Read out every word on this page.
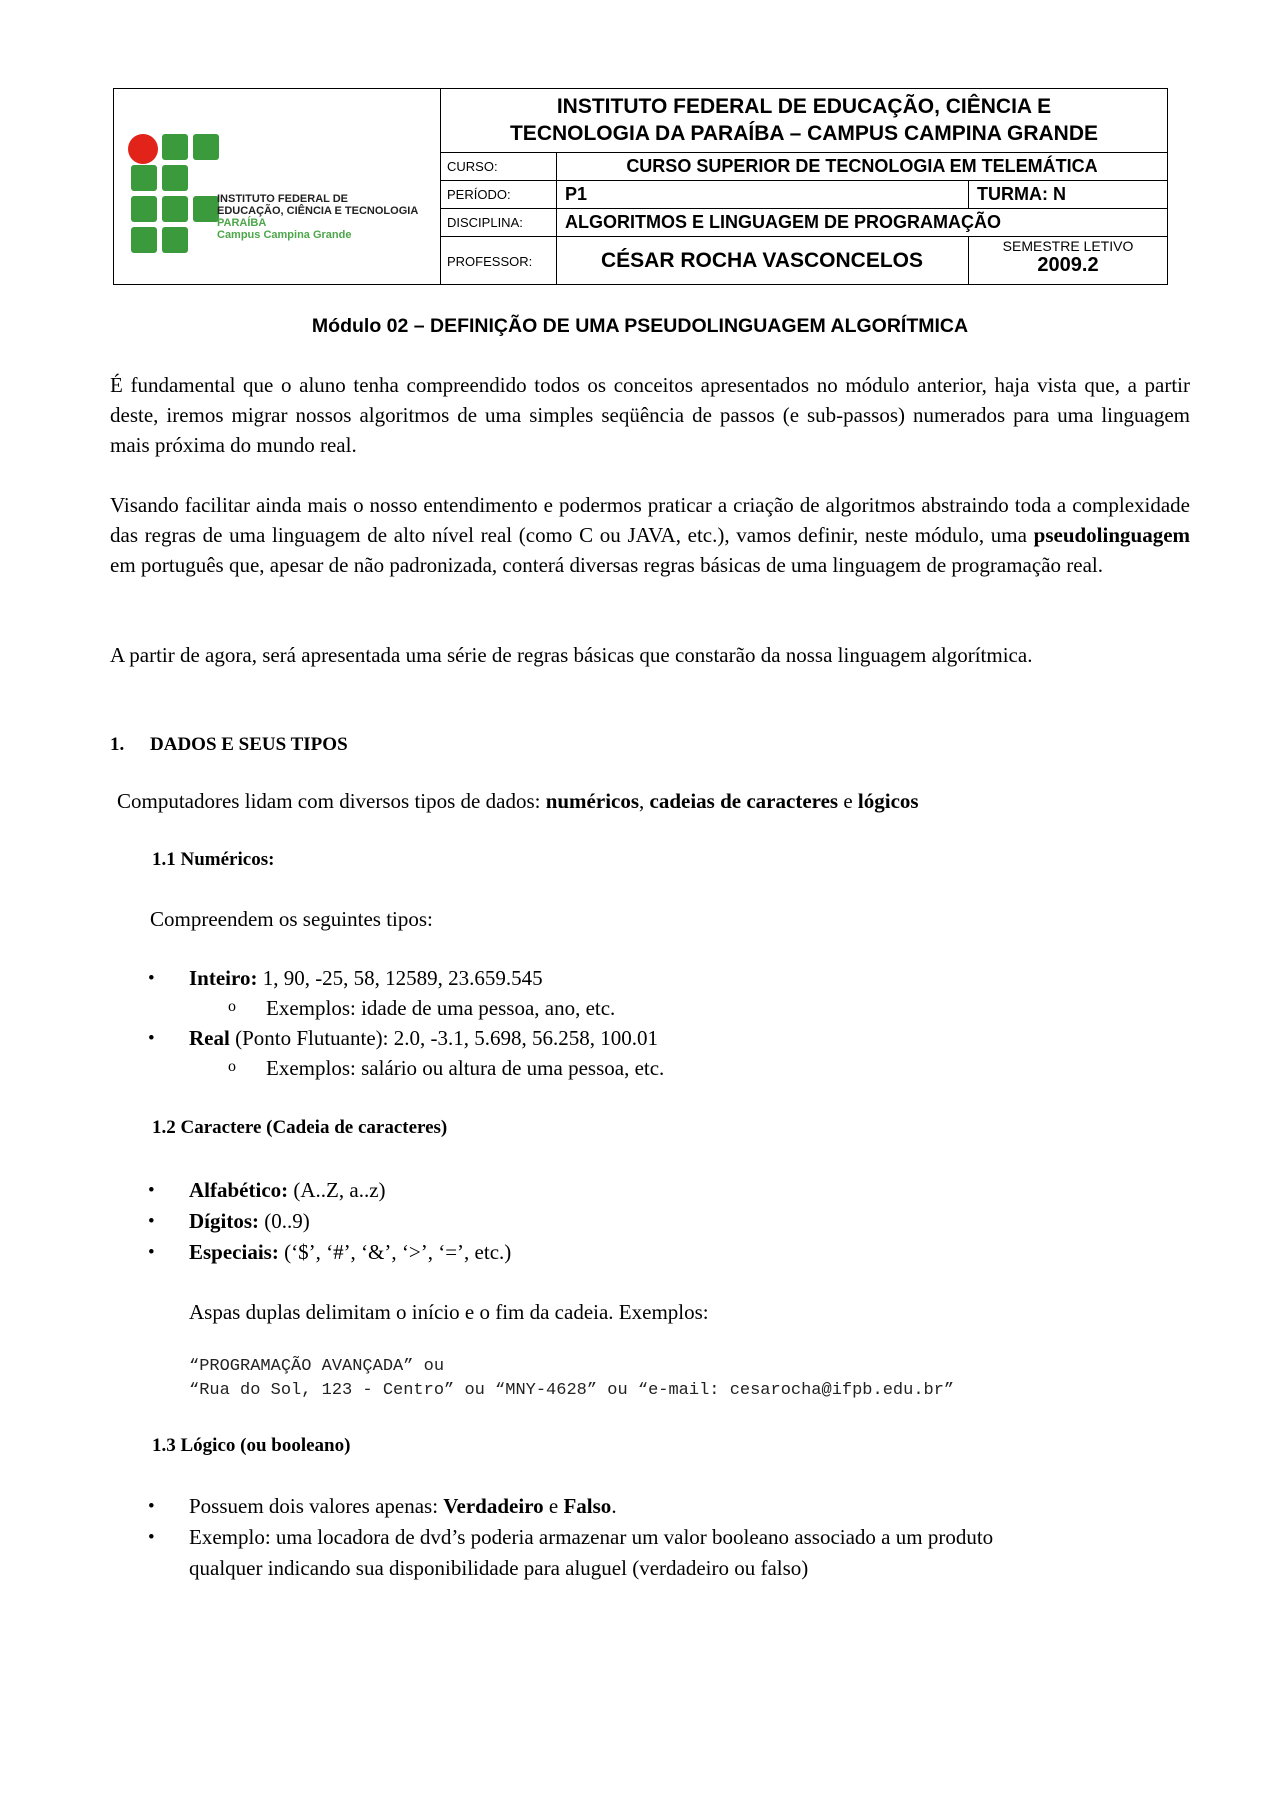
INSTITUTO FEDERAL DE
EDUCAÇÃO, CIÊNCIA E TECNOLOGIA
PARAÍBA
Campus Campina Grande
INSTITUTO FEDERAL DE EDUCAÇÃO, CIÊNCIA E
TECNOLOGIA DA PARAÍBA – CAMPUS CAMPINA GRANDE
CURSO:	CURSO SUPERIOR DE TECNOLOGIA EM TELEMÁTICA
PERÍODO:	P1	TURMA: N
DISCIPLINA:	ALGORITMOS E LINGUAGEM DE PROGRAMAÇÃO
PROFESSOR:	CÉSAR ROCHA VASCONCELOS
SEMESTRE LETIVO
2009.2
Módulo 02 – DEFINIÇÃO DE UMA PSEUDOLINGUAGEM ALGORÍTMICA
É fundamental que o aluno tenha compreendido todos os conceitos apresentados no módulo anterior, haja vista que, a partir deste, iremos migrar nossos algoritmos de uma simples seqüência de passos (e sub-passos) numerados para uma linguagem mais próxima do mundo real.
Visando facilitar ainda mais o nosso entendimento e podermos praticar a criação de algoritmos abstraindo toda a complexidade das regras de uma linguagem de alto nível real (como C ou JAVA, etc.), vamos definir, neste módulo, uma pseudolinguagem em português que, apesar de não padronizada, conterá diversas regras básicas de uma linguagem de programação real.
A partir de agora, será apresentada uma série de regras básicas que constarão da nossa linguagem algorítmica.
1. DADOS E SEUS TIPOS
Computadores lidam com diversos tipos de dados: numéricos, cadeias de caracteres e lógicos
1.1 Numéricos:
Compreendem os seguintes tipos:
• Inteiro: 1, 90, -25, 58, 12589, 23.659.545
o Exemplos: idade de uma pessoa, ano, etc.
• Real (Ponto Flutuante): 2.0, -3.1, 5.698, 56.258, 100.01
o Exemplos: salário ou altura de uma pessoa, etc.
1.2 Caractere (Cadeia de caracteres)
• Alfabético: (A..Z, a..z)
• Dígitos: (0..9)
• Especiais: (‘$’, ‘#’, ‘&’, ‘>’, ‘=’, etc.)
Aspas duplas delimitam o início e o fim da cadeia. Exemplos:
“PROGRAMAÇÃO AVANÇADA” ou
“Rua do Sol, 123 - Centro” ou “MNY-4628” ou “e-mail: cesarocha@ifpb.edu.br”
1.3 Lógico (ou booleano)
• Possuem dois valores apenas: Verdadeiro e Falso.
• Exemplo: uma locadora de dvd’s poderia armazenar um valor booleano associado a um produto
qualquer indicando sua disponibilidade para aluguel (verdadeiro ou falso)
